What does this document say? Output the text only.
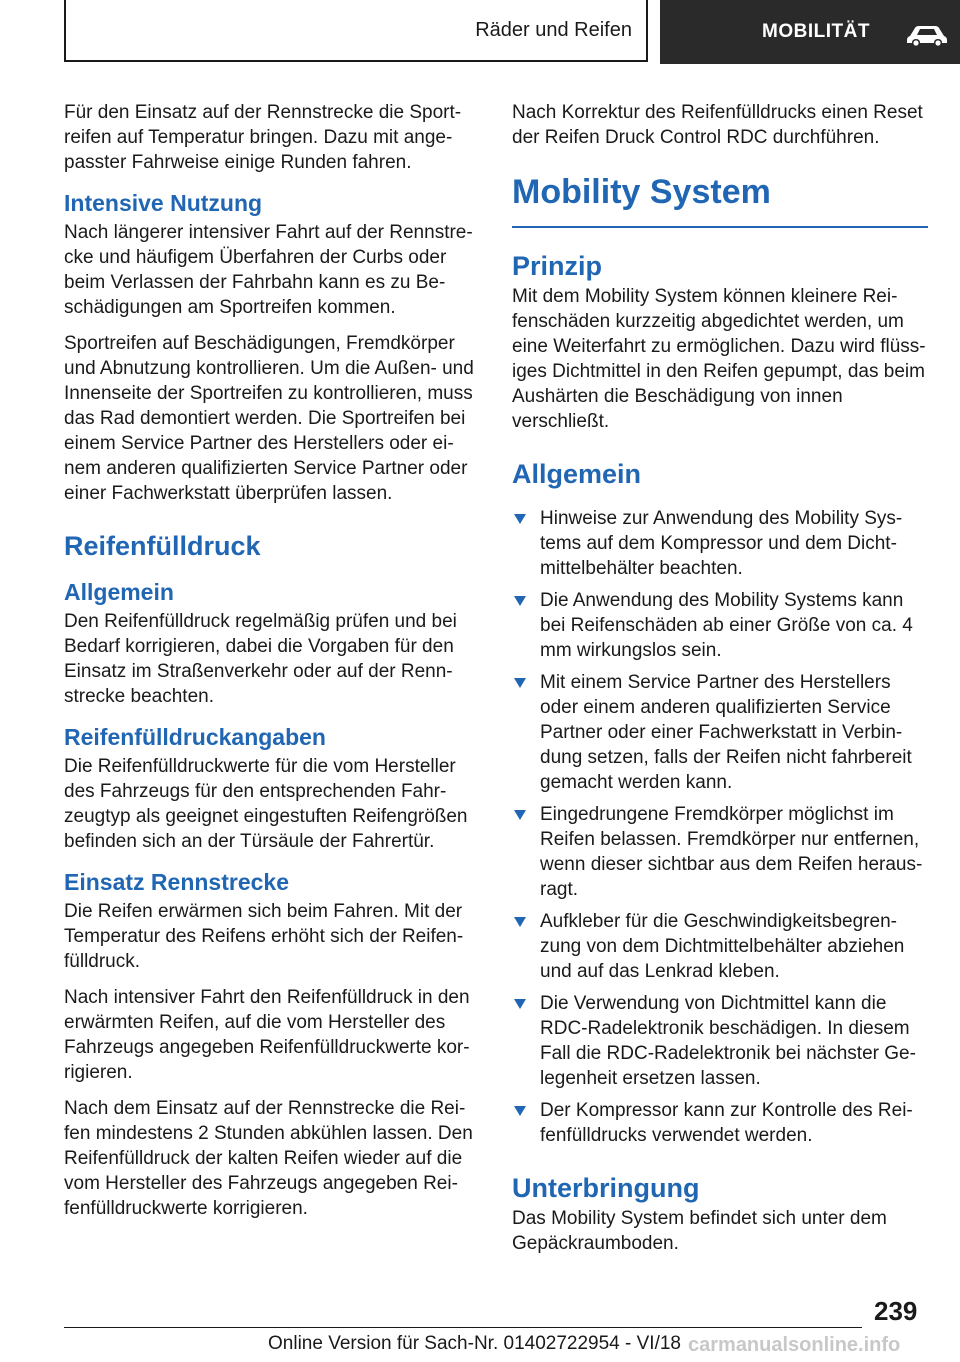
Räder und Reifen	MOBILITÄT

Für den Einsatz auf der Rennstrecke die Sport‐ reifen auf Temperatur bringen. Dazu mit ange‐ passter Fahrweise einige Runden fahren.

Intensive Nutzung

Nach längerer intensiver Fahrt auf der Rennstre‐ cke und häufigem Überfahren der Curbs oder beim Verlassen der Fahrbahn kann es zu Be‐ schädigungen am Sportreifen kommen.

Sportreifen auf Beschädigungen, Fremdkörper und Abnutzung kontrollieren. Um die Außen- und Innenseite der Sportreifen zu kontrollieren, muss das Rad demontiert werden. Die Sportreifen bei einem Service Partner des Herstellers oder ei‐ nem anderen qualifizierten Service Partner oder einer Fachwerkstatt überprüfen lassen.

Reifenfülldruck
Allgemein

Den Reifenfülldruck regelmäßig prüfen und bei Bedarf korrigieren, dabei die Vorgaben für den Einsatz im Straßenverkehr oder auf der Renn‐ strecke beachten.

Reifenfülldruckangaben

Die Reifenfülldruckwerte für die vom Hersteller des Fahrzeugs für den entsprechenden Fahr‐ zeugtyp als geeignet eingestuften Reifengrößen befinden sich an der Türsäule der Fahrertür.

Einsatz Rennstrecke

Die Reifen erwärmen sich beim Fahren. Mit der Temperatur des Reifens erhöht sich der Reifen‐ fülldruck.

Nach intensiver Fahrt den Reifenfülldruck in den erwärmten Reifen, auf die vom Hersteller des Fahrzeugs angegeben Reifenfülldruckwerte kor‐ rigieren.

Nach dem Einsatz auf der Rennstrecke die Rei‐ fen mindestens 2 Stunden abkühlen lassen. Den Reifenfülldruck der kalten Reifen wieder auf die vom Hersteller des Fahrzeugs angegeben Rei‐ fenfülldruckwerte korrigieren.

Nach Korrektur des Reifenfülldrucks einen Reset der Reifen Druck Control RDC durchführen.

Mobility System
Prinzip

Mit dem Mobility System können kleinere Rei‐ fenschäden kurzzeitig abgedichtet werden, um eine Weiterfahrt zu ermöglichen. Dazu wird flüss‐ iges Dichtmittel in den Reifen gepumpt, das beim Aushärten die Beschädigung von innen verschließt.

Allgemein
Hinweise zur Anwendung des Mobility Sys‐ tems auf dem Kompressor und dem Dicht‐ mittelbehälter beachten.
Die Anwendung des Mobility Systems kann bei Reifenschäden ab einer Größe von ca. 4 mm wirkungslos sein.
Mit einem Service Partner des Herstellers oder einem anderen qualifizierten Service Partner oder einer Fachwerkstatt in Verbin‐ dung setzen, falls der Reifen nicht fahrbereit gemacht werden kann.
Eingedrungene Fremdkörper möglichst im Reifen belassen. Fremdkörper nur entfernen, wenn dieser sichtbar aus dem Reifen heraus‐ ragt.
Aufkleber für die Geschwindigkeitsbegren‐ zung von dem Dichtmittelbehälter abziehen und auf das Lenkrad kleben.
Die Verwendung von Dichtmittel kann die RDC-Radelektronik beschädigen. In diesem Fall die RDC-Radelektronik bei nächster Ge‐ legenheit ersetzen lassen.
Der Kompressor kann zur Kontrolle des Rei‐ fenfülldrucks verwendet werden.
Unterbringung

Das Mobility System befindet sich unter dem Gepäckraumboden.

239
Online Version für Sach-Nr. 01402722954 - VI/18 carmanualsonline.info
